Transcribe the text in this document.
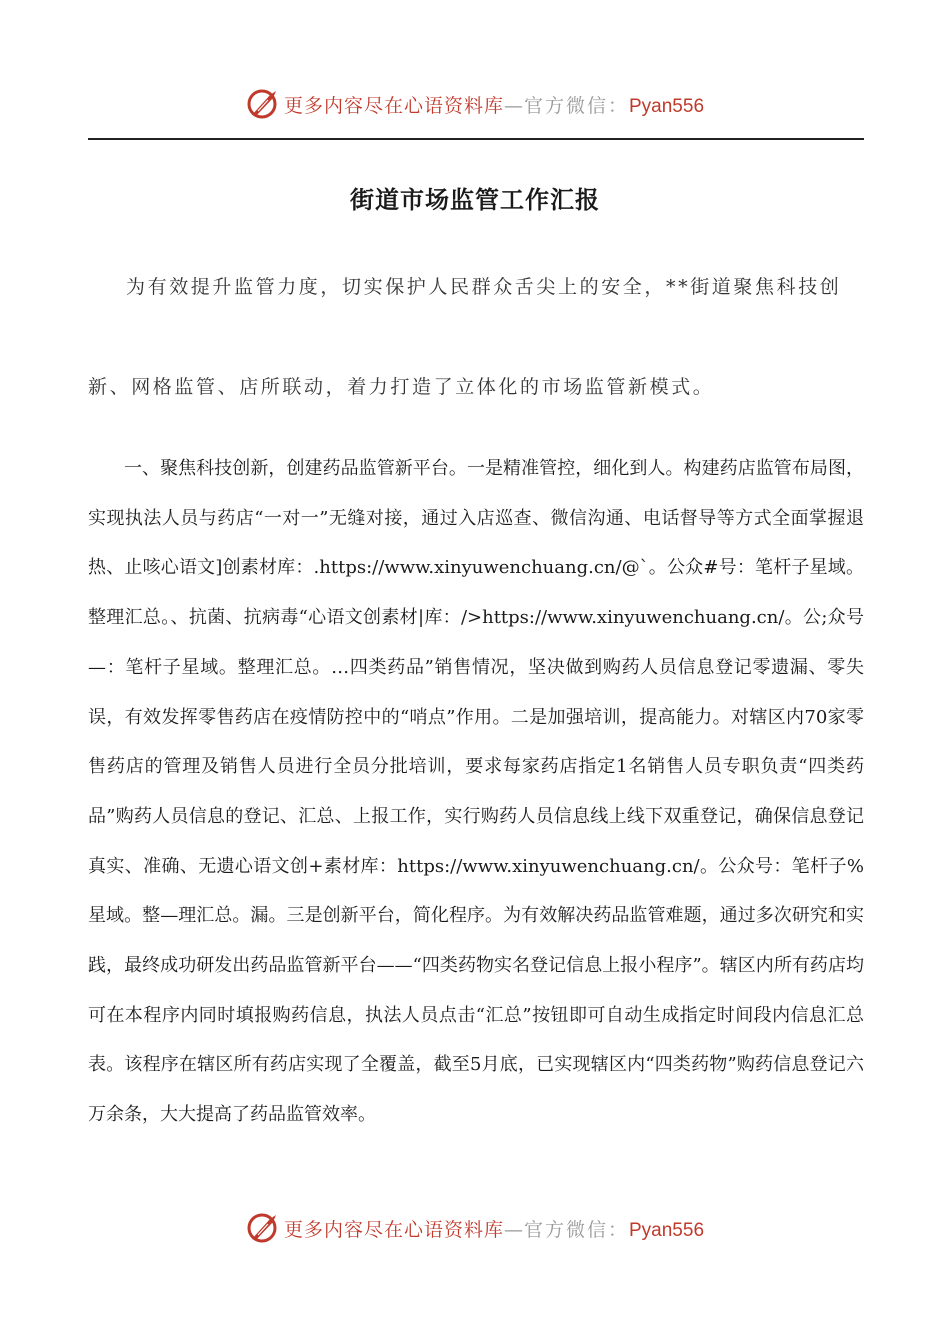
更多内容尽在心语资料库—官方微信：Pyan556
街道市场监管工作汇报
为有效提升监管力度，切实保护人民群众舌尖上的安全，**街道聚焦科技创
新、网格监管、店所联动，着力打造了立体化的市场监管新模式。
一、聚焦科技创新，创建药品监管新平台。一是精准管控，细化到人。构建药店监管布局图，实现执法人员与药店“一对一”无缝对接，通过入店巡查、微信沟通、电话督导等方式全面掌握退热、止咳心语文]创素材库：.https://www.xinyuwenchuang.cn/@`。公众#号：笔杆子星域。整理汇总。、抗菌、抗病毒“心语文创素材|库：/>https://www.xinyuwenchuang.cn/。公;众号—：笔杆子星域。整理汇总。…四类药品”销售情况，坚决做到购药人员信息登记零遗漏、零失误，有效发挥零售药店在疫情防控中的“哨点”作用。二是加强培训，提高能力。对辖区内70家零售药店的管理及销售人员进行全员分批培训，要求每家药店指定1名销售人员专职负责“四类药品”购药人员信息的登记、汇总、上报工作，实行购药人员信息线上线下双重登记，确保信息登记真实、准确、无遗心语文创+素材库：https://www.xinyuwenchuang.cn/。公众号：笔杆子%星域。整—理汇总。漏。三是创新平台，简化程序。为有效解决药品监管难题，通过多次研究和实践，最终成功研发出药品监管新平台——“四类药物实名登记信息上报小程序”。辖区内所有药店均可在本程序内同时填报购药信息，执法人员点击“汇总”按钮即可自动生成指定时间段内信息汇总表。该程序在辖区所有药店实现了全覆盖，截至5月底，已实现辖区内“四类药物”购药信息登记六万余条，大大提高了药品监管效率。
更多内容尽在心语资料库—官方微信：Pyan556
